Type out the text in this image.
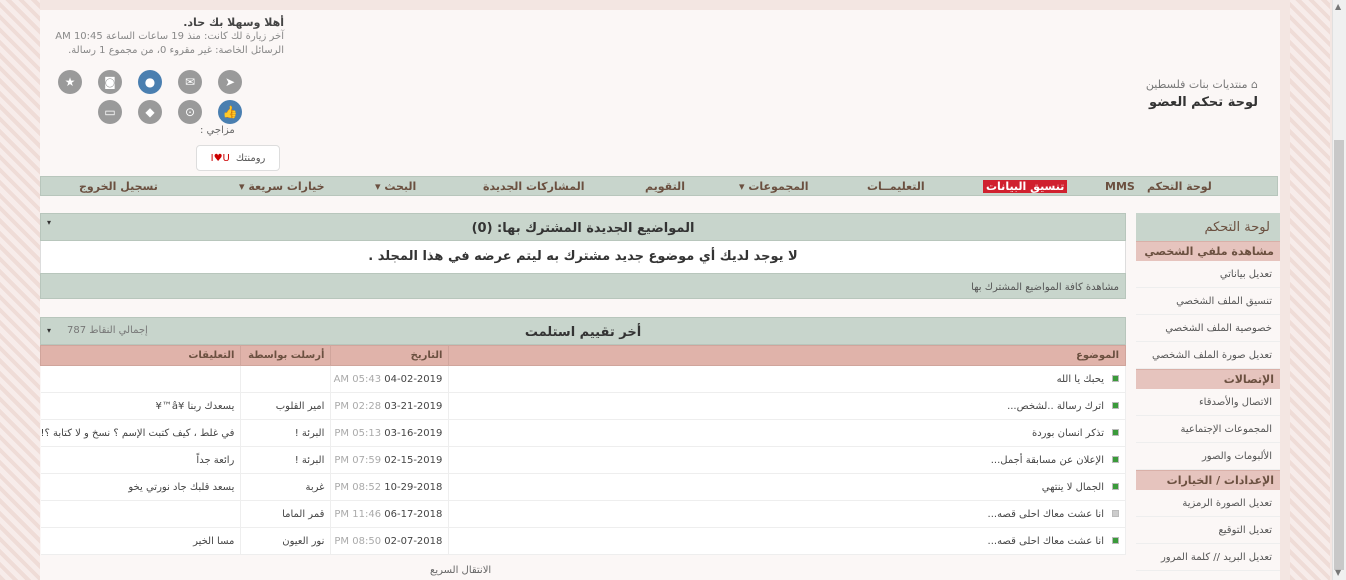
أهلا وسهلا بك حاد.
آخر زيارة لك كانت: منذ 19 ساعات الساعة 10:45 AM
الرسائل الخاصة: غير مقروء 0، من مجموع 1 رسالة.
★	◙	●	✉	➤
▭	◆	⊙	👍
مزاجي :
I♥U رومنتك
⌂ منتديات بنات فلسطين
لوحة تحكم العضو
لوحة التحكم
MMS
تنسيق البيانات
التعليمــات
▾ المجموعات
التقويم
المشاركات الجديدة
▾ البحث
▾ خيارات سريعة
تسجيل الخروج
▾	المواضيع الجديدة المشترك بها: (0)
لا يوجد لديك أي موضوع جديد مشترك به ليتم عرضه في هذا المجلد .
مشاهدة كافة المواضيع المشترك بها
▾ إجمالي النقاط 787	أخر تقييم استلمت
التعليقات	أرسلت بواسطة	التاريخ	الموضوع
		04-02-2019 05:43 AM	يحبك يا الله
يسعدك ربنا ¥â™¥	امير القلوب	03-21-2019 02:28 PM	اترك رسالة ..لشخص...
في غلط ، كيف كتبت الإسم ؟ نسخ و لا كتابة ؟!	البرئة !	03-16-2019 05:13 PM	تذكر انسان بوردة
رائعة جداً	البرئة !	02-15-2019 07:59 PM	الإعلان عن مسابقة أجمل...
يسعد قلبك جاد نورتي يخو	غربة	10-29-2018 08:52 PM	الجمال لا ينتهي
	قمر الماما	06-17-2018 11:46 PM	انا عشت معاك احلى قصه...
مسا الخير	نور العيون	02-07-2018 08:50 PM	انا عشت معاك احلى قصه...
لوحة التحكم
مشاهدة ملفي الشخصي
تعديل بياناتي
تنسيق الملف الشخصي
خصوصية الملف الشخصي
تعديل صورة الملف الشخصي
الإتصالات
الاتصال والأصدقاء
المجموعات الإجتماعية
الألبومات والصور
الإعدادات / الخيارات
تعديل الصورة الرمزية
تعديل التوقيع
تعديل البريد // كلمة المرور
الانتقال السريع
▲
▼
